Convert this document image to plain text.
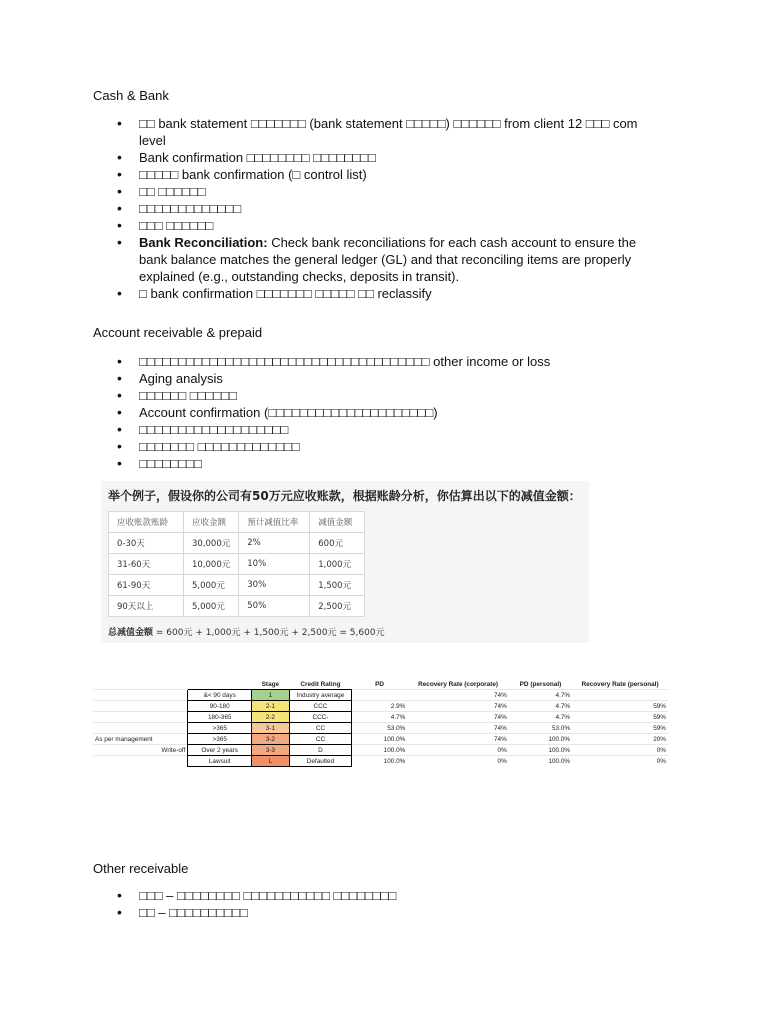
Cash & Bank
• □□ bank statement □□□□□□□ (bank statement □□□□□) □□□□□□ from client 12 □□□ com level
• Bank confirmation □□□□□□□□ □□□□□□□□
• □□□□□ bank confirmation (□ control list)
• □□ □□□□□□
• □□□□□□□□□□□□□
• □□□ □□□□□□
• Bank Reconciliation: Check bank reconciliations for each cash account to ensure the bank balance matches the general ledger (GL) and that reconciling items are properly explained (e.g., outstanding checks, deposits in transit).
• □ bank confirmation □□□□□□□ □□□□□ □□ reclassify
Account receivable & prepaid
• □□□□□□□□□□□□□□□□□□□□□□□□□□□□□□□□□□□□□ other income or loss
• Aging analysis
• □□□□□□ □□□□□□
• Account confirmation (□□□□□□□□□□□□□□□□□□□□□)
• □□□□□□□□□□□□□□□□□□□
• □□□□□□□ □□□□□□□□□□□□□
• □□□□□□□□
举个例子，假设你的公司有50万元应收账款，根据账龄分析，你估算出以下的减值金额：
应收账款账龄	应收金额	预计减值比率	减值金额
0-30天	30,000元	2%	600元
31-60天	10,000元	10%	1,000元
61-90天	5,000元	30%	1,500元
90天以上	5,000元	50%	2,500元
总减值金额 = 600元 + 1,000元 + 1,500元 + 2,500元 = 5,600元
			Stage	Credit Rating	PD	Recovery Rate (corporate)	PD (personal)	Recovery Rate (personal)
		&< 90 days	1	Industry average		74%	4.7%	
		90-180	2-1	CCC	2.9%	74%	4.7%	59%
		180-365	2-2	CCC-	4.7%	74%	4.7%	59%
		>365	3-1	CC	53.0%	74%	53.0%	59%
As per management		>365	3-2	CC	100.0%	74%	100.0%	20%
	Write-off	Over 2 years	3-3	D	100.0%	0%	100.0%	0%
		Lawsuit	L	Defaulted	100.0%	0%	100.0%	0%
Other receivable
• □□□ – □□□□□□□□ □□□□□□□□□□□ □□□□□□□□
• □□ – □□□□□□□□□□
